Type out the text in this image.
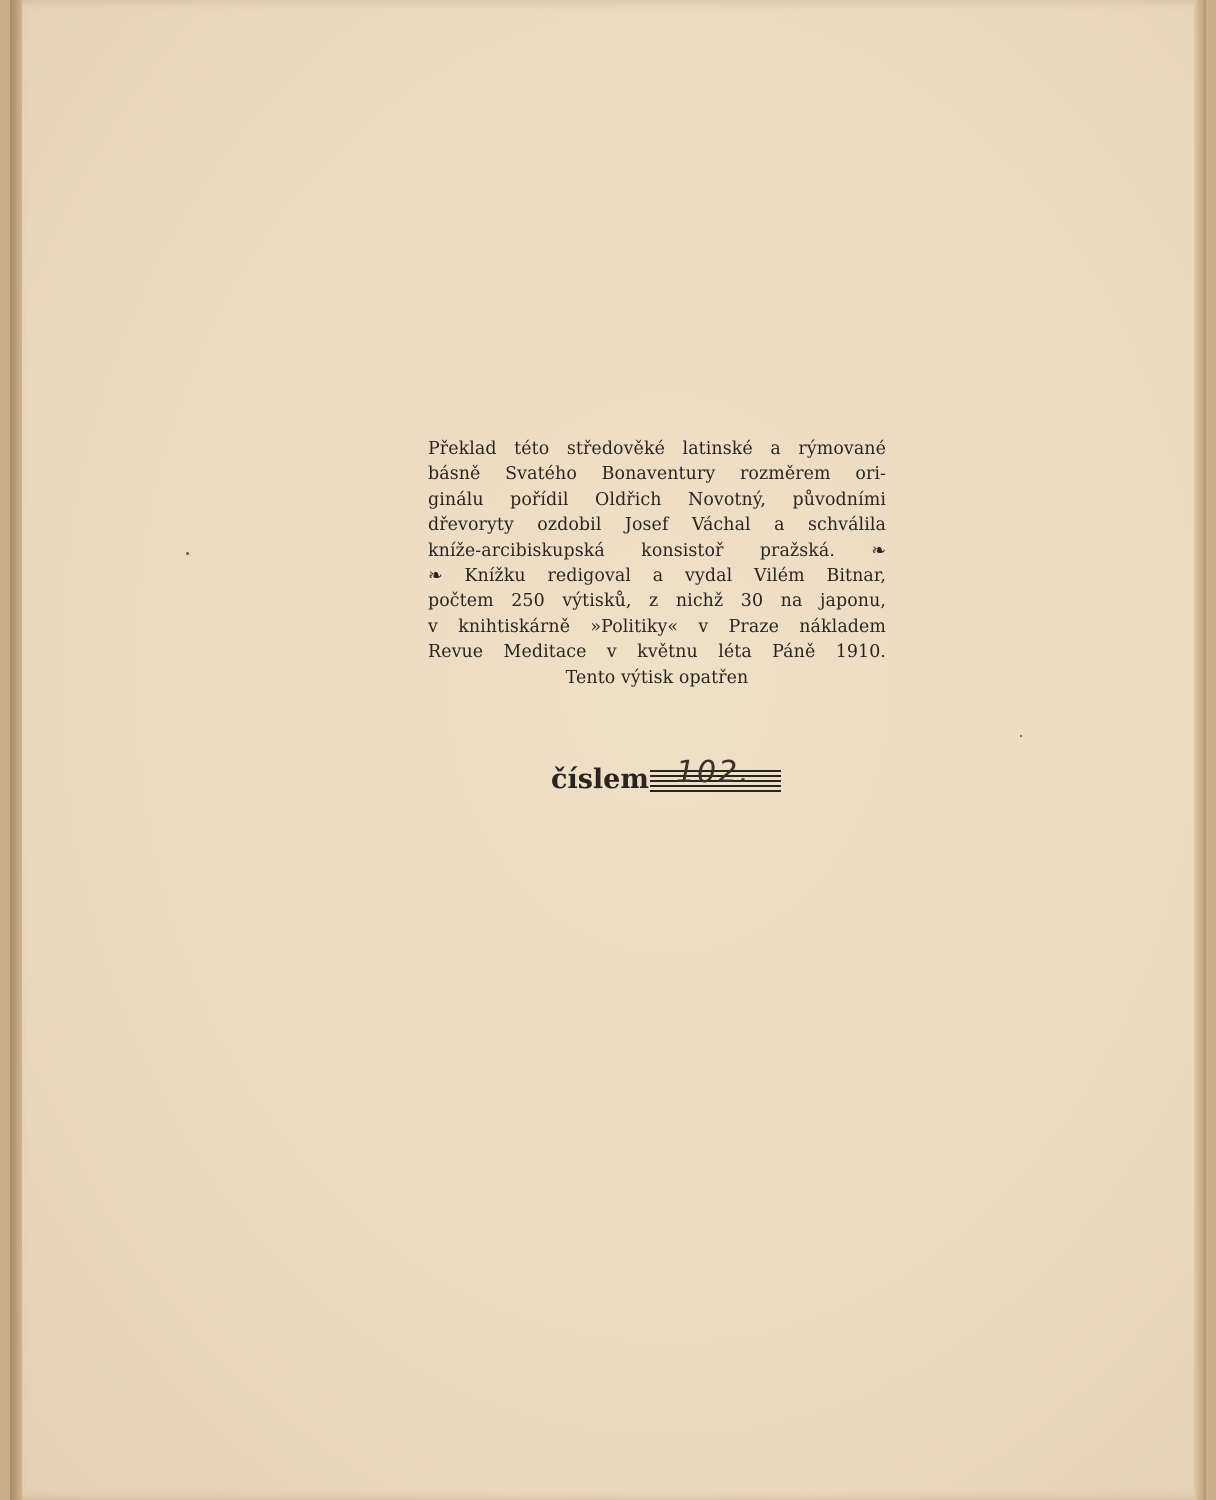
Překlad této středověké latinské a rýmované
básně Svatého Bonaventury rozměrem ori-
ginálu pořídil Oldřich Novotný, původními
dřevoryty ozdobil Josef Váchal a schválila
kníže-arcibiskupská konsistoř pražská. ❧
❧ Knížku redigoval a vydal Vilém Bitnar,
počtem 250 výtisků, z nichž 30 na japonu,
v knihtiskárně »Politiky« v Praze nákladem
Revue Meditace v květnu léta Páně 1910.
Tento výtisk opatřen
číslem 102.
